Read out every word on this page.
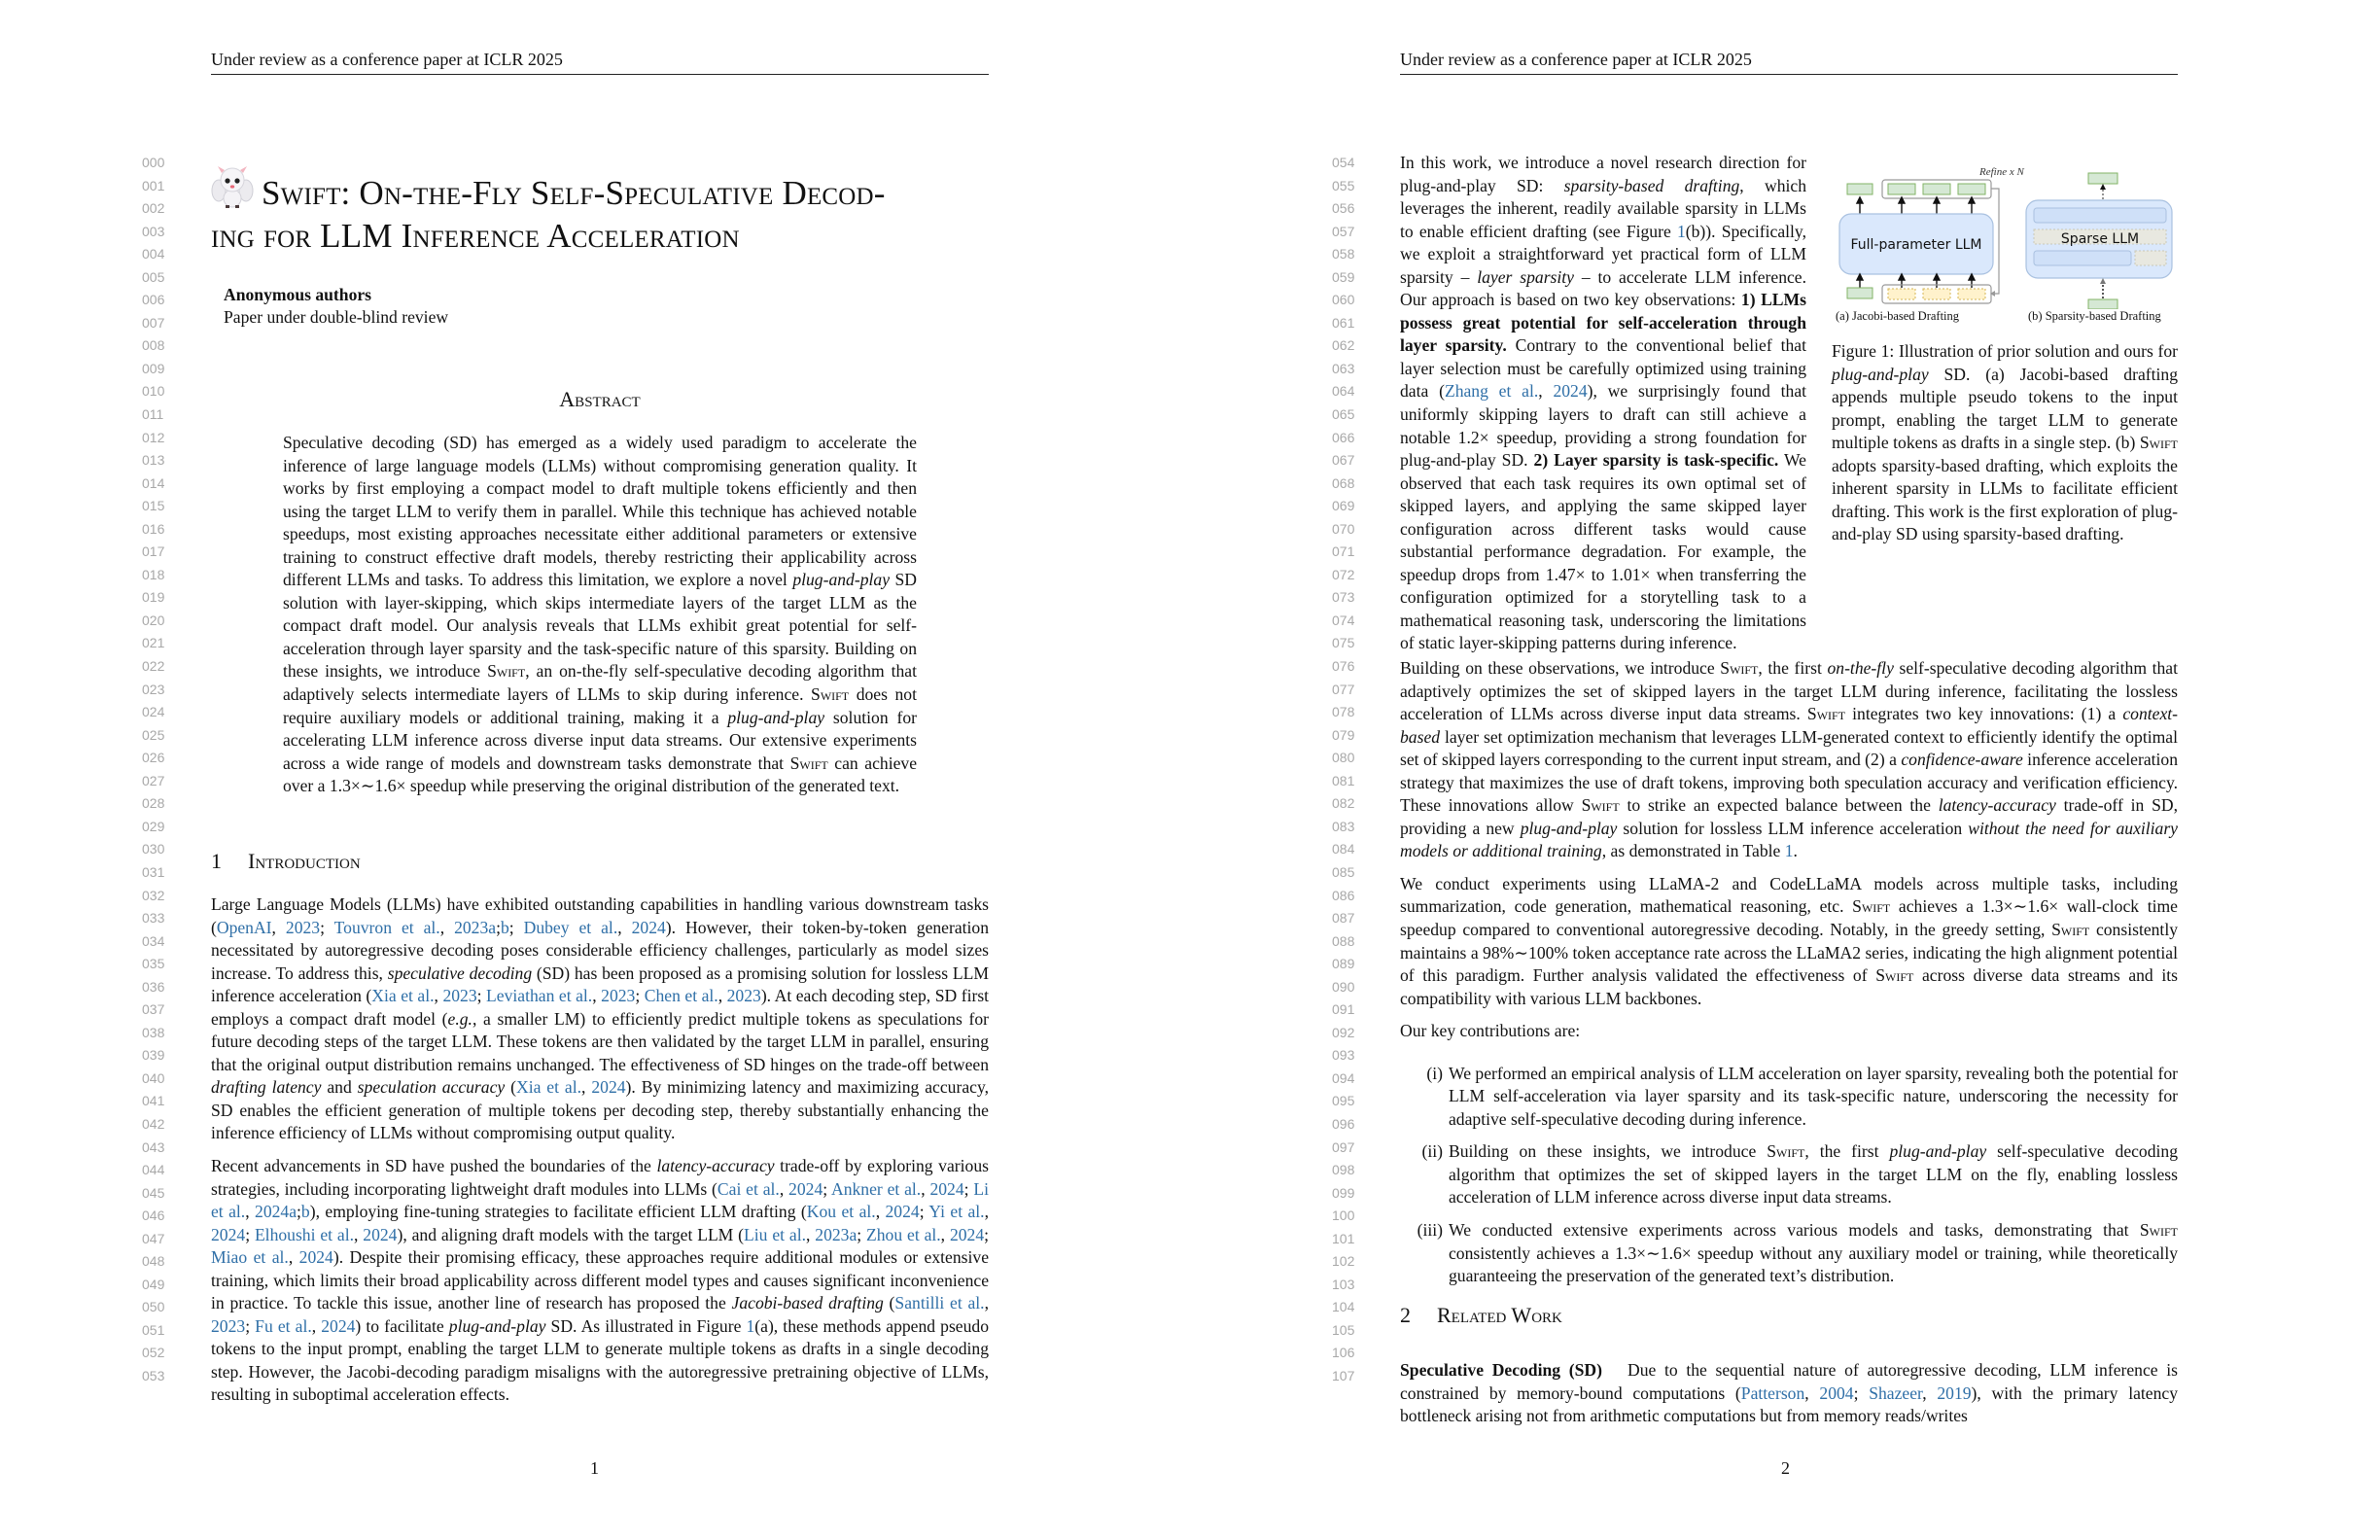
Under review as a conference paper at ICLR 2025
000
001
002
003
004
005
006
007
008
009
010
011
012
013
014
015
016
017
018
019
020
021
022
023
024
025
026
027
028
029
030
031
032
033
034
035
036
037
038
039
040
041
042
043
044
045
046
047
048
049
050
051
052
053
Swift: On-the-Fly Self-Speculative Decod-
ing for LLM Inference Acceleration
Anonymous authors
Paper under double-blind review
Abstract
Speculative decoding (SD) has emerged as a widely used paradigm to accelerate the inference of large language models (LLMs) without compromising generation quality. It works by first employing a compact model to draft multiple tokens efficiently and then using the target LLM to verify them in parallel. While this technique has achieved notable speedups, most existing approaches necessitate either additional parameters or extensive training to construct effective draft models, thereby restricting their applicability across different LLMs and tasks. To address this limitation, we explore a novel plug-and-play SD solution with layer-skipping, which skips intermediate layers of the target LLM as the compact draft model. Our analysis reveals that LLMs exhibit great potential for self-acceleration through layer sparsity and the task-specific nature of this sparsity. Building on these insights, we introduce Swift, an on-the-fly self-speculative decoding algorithm that adaptively selects intermediate layers of LLMs to skip during inference. Swift does not require auxiliary models or additional training, making it a plug-and-play solution for accelerating LLM inference across diverse input data streams. Our extensive experiments across a wide range of models and downstream tasks demonstrate that Swift can achieve over a 1.3×∼1.6× speedup while preserving the original distribution of the generated text.
1 Introduction

Large Language Models (LLMs) have exhibited outstanding capabilities in handling various downstream tasks (OpenAI, 2023; Touvron et al., 2023a;b; Dubey et al., 2024). However, their token-by-token generation necessitated by autoregressive decoding poses considerable efficiency challenges, particularly as model sizes increase. To address this, speculative decoding (SD) has been proposed as a promising solution for lossless LLM inference acceleration (Xia et al., 2023; Leviathan et al., 2023; Chen et al., 2023). At each decoding step, SD first employs a compact draft model (e.g., a smaller LM) to efficiently predict multiple tokens as speculations for future decoding steps of the target LLM. These tokens are then validated by the target LLM in parallel, ensuring that the original output distribution remains unchanged. The effectiveness of SD hinges on the trade-off between drafting latency and speculation accuracy (Xia et al., 2024). By minimizing latency and maximizing accuracy, SD enables the efficient generation of multiple tokens per decoding step, thereby substantially enhancing the inference efficiency of LLMs without compromising output quality.

Recent advancements in SD have pushed the boundaries of the latency-accuracy trade-off by exploring various strategies, including incorporating lightweight draft modules into LLMs (Cai et al., 2024; Ankner et al., 2024; Li et al., 2024a;b), employing fine-tuning strategies to facilitate efficient LLM drafting (Kou et al., 2024; Yi et al., 2024; Elhoushi et al., 2024), and aligning draft models with the target LLM (Liu et al., 2023a; Zhou et al., 2024; Miao et al., 2024). Despite their promising efficacy, these approaches require additional modules or extensive training, which limits their broad applicability across different model types and causes significant inconvenience in practice. To tackle this issue, another line of research has proposed the Jacobi-based drafting (Santilli et al., 2023; Fu et al., 2024) to facilitate plug-and-play SD. As illustrated in Figure 1(a), these methods append pseudo tokens to the input prompt, enabling the target LLM to generate multiple tokens as drafts in a single decoding step. However, the Jacobi-decoding paradigm misaligns with the autoregressive pretraining objective of LLMs, resulting in suboptimal acceleration effects.

1
Under review as a conference paper at ICLR 2025
054
055
056
057
058
059
060
061
062
063
064
065
066
067
068
069
070
071
072
073
074
075
076
077
078
079
080
081
082
083
084
085
086
087
088
089
090
091
092
093
094
095
096
097
098
099
100
101
102
103
104
105
106
107
In this work, we introduce a novel research direction for plug-and-play SD: sparsity-based drafting, which leverages the inherent, readily available sparsity in LLMs to enable efficient drafting (see Figure 1(b)). Specifically, we exploit a straightforward yet practical form of LLM sparsity – layer sparsity – to accelerate LLM inference. Our approach is based on two key observations: 1) LLMs possess great potential for self-acceleration through layer sparsity. Contrary to the conventional belief that layer selection must be carefully optimized using training data (Zhang et al., 2024), we surprisingly found that uniformly skipping layers to draft can still achieve a notable 1.2× speedup, providing a strong foundation for plug-and-play SD. 2) Layer sparsity is task-specific. We observed that each task requires its own optimal set of skipped layers, and applying the same skipped layer configuration across different tasks would cause substantial performance degradation. For example, the speedup drops from 1.47× to 1.01× when transferring the configuration optimized for a storytelling task to a mathematical reasoning task, underscoring the limitations of static layer-skipping patterns during inference.
Refine x N
Full-parameter LLM	Sparse LLM
(a) Jacobi-based Drafting	(b) Sparsity-based Drafting
Figure 1: Illustration of prior solution and ours for plug-and-play SD. (a) Jacobi-based drafting appends multiple pseudo tokens to the input prompt, enabling the target LLM to generate multiple tokens as drafts in a single step. (b) Swift adopts sparsity-based drafting, which exploits the inherent sparsity in LLMs to facilitate efficient drafting. This work is the first exploration of plug-and-play SD using sparsity-based drafting.

Building on these observations, we introduce Swift, the first on-the-fly self-speculative decoding algorithm that adaptively optimizes the set of skipped layers in the target LLM during inference, facilitating the lossless acceleration of LLMs across diverse input data streams. Swift integrates two key innovations: (1) a context-based layer set optimization mechanism that leverages LLM-generated context to efficiently identify the optimal set of skipped layers corresponding to the current input stream, and (2) a confidence-aware inference acceleration strategy that maximizes the use of draft tokens, improving both speculation accuracy and verification efficiency. These innovations allow Swift to strike an expected balance between the latency-accuracy trade-off in SD, providing a new plug-and-play solution for lossless LLM inference acceleration without the need for auxiliary models or additional training, as demonstrated in Table 1.

We conduct experiments using LLaMA-2 and CodeLLaMA models across multiple tasks, including summarization, code generation, mathematical reasoning, etc. Swift achieves a 1.3×∼1.6× wall-clock time speedup compared to conventional autoregressive decoding. Notably, in the greedy setting, Swift consistently maintains a 98%∼100% token acceptance rate across the LLaMA2 series, indicating the high alignment potential of this paradigm. Further analysis validated the effectiveness of Swift across diverse data streams and its compatibility with various LLM backbones.

Our key contributions are:

(i) We performed an empirical analysis of LLM acceleration on layer sparsity, revealing both the potential for LLM self-acceleration via layer sparsity and its task-specific nature, underscoring the necessity for adaptive self-speculative decoding during inference.
(ii) Building on these insights, we introduce Swift, the first plug-and-play self-speculative decoding algorithm that optimizes the set of skipped layers in the target LLM on the fly, enabling lossless acceleration of LLM inference across diverse input data streams.
(iii) We conducted extensive experiments across various models and tasks, demonstrating that Swift consistently achieves a 1.3×∼1.6× speedup without any auxiliary model or training, while theoretically guaranteeing the preservation of the generated text’s distribution.
2 Related Work
Speculative Decoding (SD)   Due to the sequential nature of autoregressive decoding, LLM inference is constrained by memory-bound computations (Patterson, 2004; Shazeer, 2019), with the primary latency bottleneck arising not from arithmetic computations but from memory reads/writes
2
